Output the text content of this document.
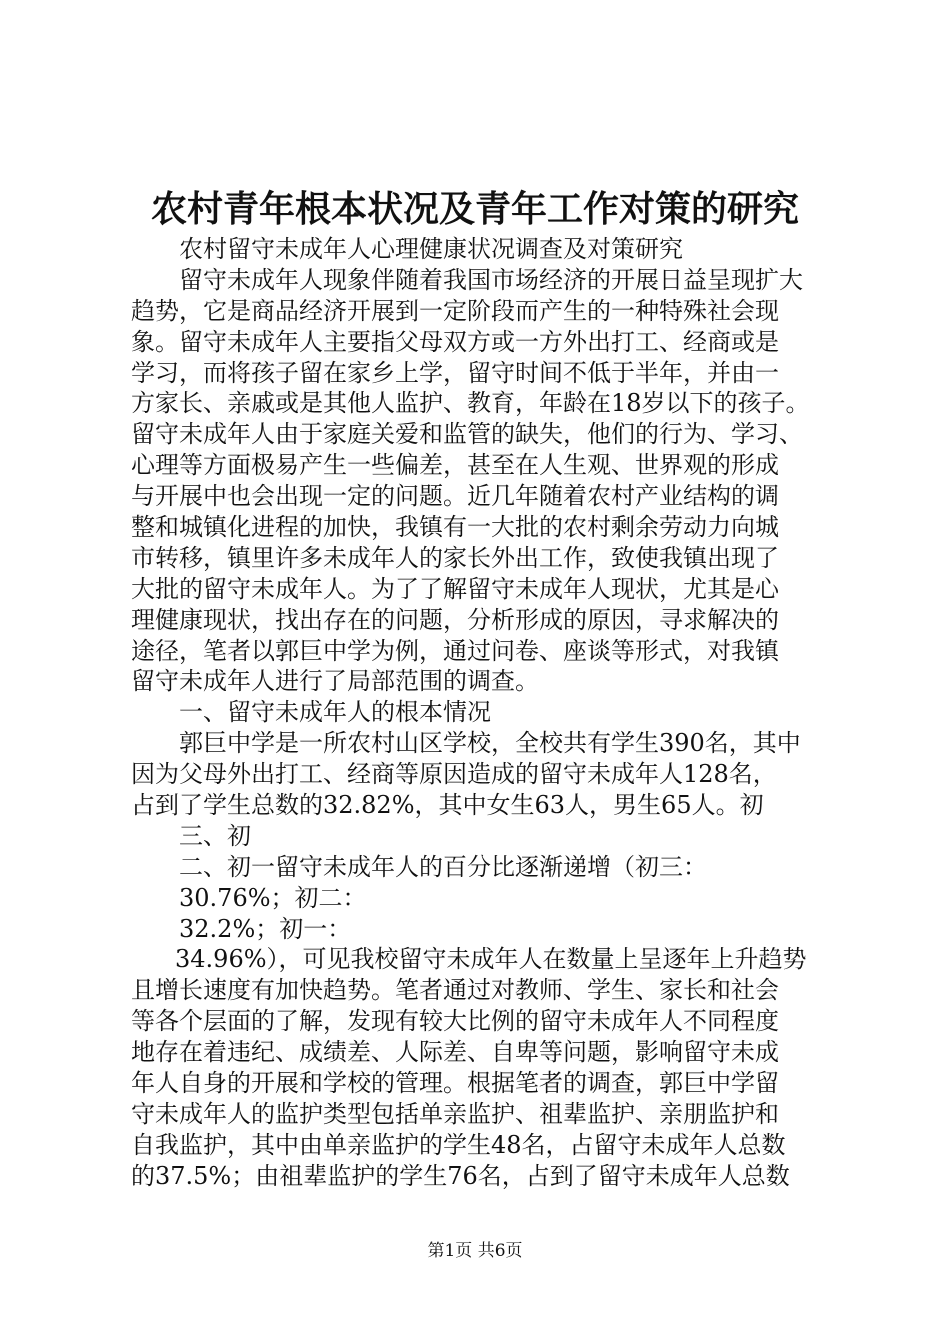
农村青年根本状况及青年工作对策的研究
农村留守未成年人心理健康状况调查及对策研究
留守未成年人现象伴随着我国市场经济的开展日益呈现扩大
趋势，它是商品经济开展到一定阶段而产生的一种特殊社会现
象。留守未成年人主要指父母双方或一方外出打工、经商或是
学习，而将孩子留在家乡上学，留守时间不低于半年，并由一
方家长、亲戚或是其他人监护、教育，年龄在18岁以下的孩子。
留守未成年人由于家庭关爱和监管的缺失，他们的行为、学习、
心理等方面极易产生一些偏差，甚至在人生观、世界观的形成
与开展中也会出现一定的问题。近几年随着农村产业结构的调
整和城镇化进程的加快，我镇有一大批的农村剩余劳动力向城
市转移，镇里许多未成年人的家长外出工作，致使我镇出现了
大批的留守未成年人。为了了解留守未成年人现状，尤其是心
理健康现状，找出存在的问题，分析形成的原因，寻求解决的
途径，笔者以郭巨中学为例，通过问卷、座谈等形式，对我镇
留守未成年人进行了局部范围的调查。
一、留守未成年人的根本情况
郭巨中学是一所农村山区学校，全校共有学生390名，其中
因为父母外出打工、经商等原因造成的留守未成年人128名，
占到了学生总数的32.82%，其中女生63人，男生65人。初
三、初
二、初一留守未成年人的百分比逐渐递增（初三：
30.76%；初二：
32.2%；初一：
34.96%），可见我校留守未成年人在数量上呈逐年上升趋势
且增长速度有加快趋势。笔者通过对教师、学生、家长和社会
等各个层面的了解，发现有较大比例的留守未成年人不同程度
地存在着违纪、成绩差、人际差、自卑等问题，影响留守未成
年人自身的开展和学校的管理。根据笔者的调查，郭巨中学留
守未成年人的监护类型包括单亲监护、祖辈监护、亲朋监护和
自我监护，其中由单亲监护的学生48名，占留守未成年人总数
的37.5%；由祖辈监护的学生76名，占到了留守未成年人总数
第1页 共6页
